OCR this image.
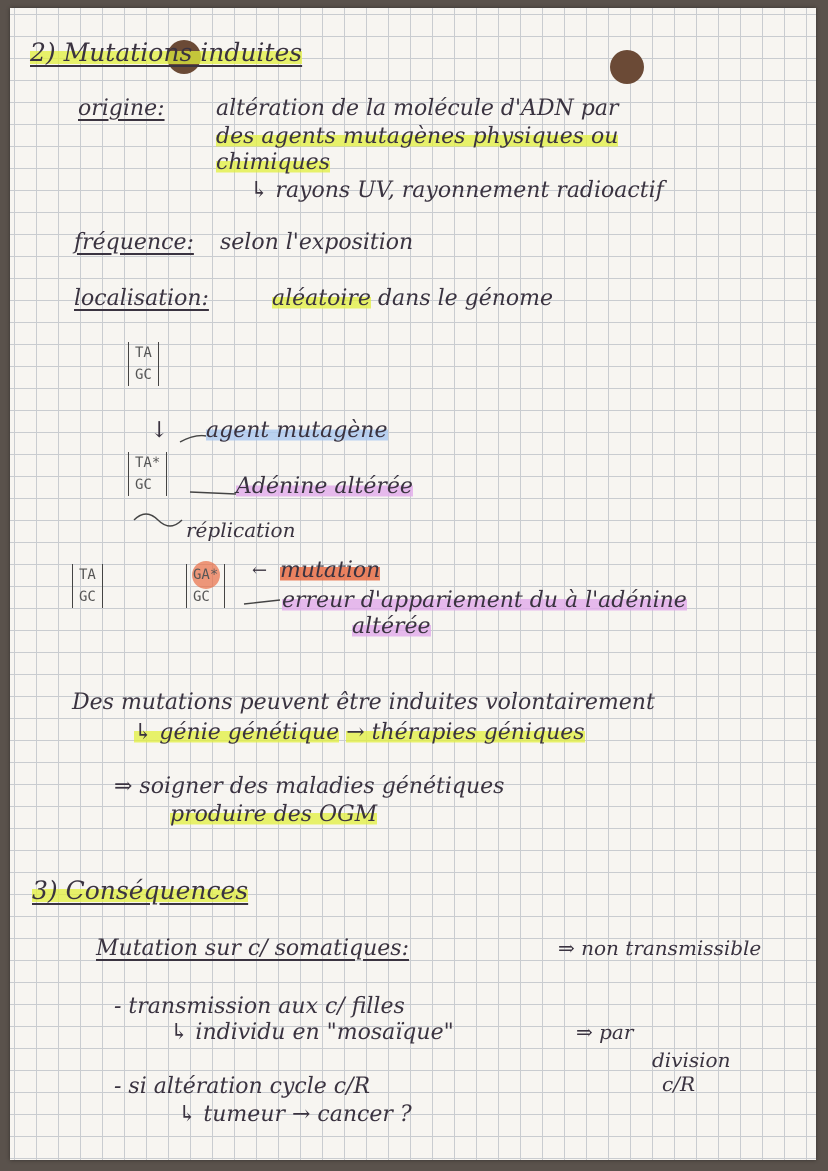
2) Mutations induites
origine: altération de la molécule d'ADN par
des agents mutagènes physiques ou
chimiques
↳ rayons UV, rayonnement radioactif
fréquence: selon l'exposition
localisation:	aléatoire dans le génome
TA
GC
↓ agent mutagène
TA*
GC	Adénine altérée
réplication
TA
GC
GA*
GC
← mutation
erreur d'appariement du à l'adénine
altérée
Des mutations peuvent être induites volontairement
↳ génie génétique → thérapies géniques
⇒ soigner des maladies génétiques
produire des OGM
3) Conséquences
Mutation sur c/ somatiques:	⇒ non transmissible
- transmission aux c/ filles
↳ individu en "mosaïque"	⇒ par
division
c/R
- si altération cycle c/R
↳ tumeur → cancer ?
